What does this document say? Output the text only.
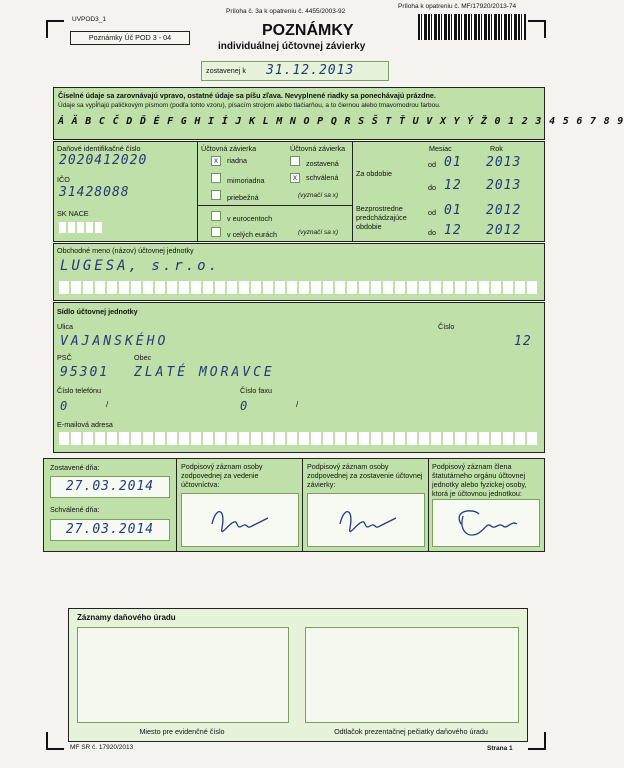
UVPOD3_1
Príloha č. 3a k opatreniu č. 4455/2003-92
Príloha k opatreniu č. MF/17920/2013-74
Poznámky Úč POD 3 - 04	POZNÁMKY
individuálnej účtovnej závierky
zostavenej k 31.12.2013
Číselné údaje sa zarovnávajú vpravo, ostatné údaje sa píšu zľava. Nevyplnené riadky sa ponechávajú prázdne.
Údaje sa vypĺňajú paličkovým písmom (podľa tohto vzoru), písacím strojom alebo tlačiarňou, a to čiernou alebo tmavomodrou farbou.
Á Ä B C Č D Ď É F G H I Í J K L M N O P Q R S Š T Ť U V X Y Ý Ž 0 1 2 3 4 5 6 7 8 9
Daňové identifikačné číslo
2020412020
IČO
31428088
SK NACE
Účtovná závierka	Účtovná závierka
x riadna
mimoriadna
priebežná
zostavená
x schválená
(vyznačí sa x)
v eurocentoch
v celých eurách	(vyznačí sa x)
Mesiac	Rok
Za obdobie
od 01 2013
do 12 2013
Bezprostredne predchádzajúce obdobie
od 01 2012
do 12 2012
Obchodné meno (názov) účtovnej jednotky
LUGESA, s.r.o.
Sídlo účtovnej jednotky
Ulica	Číslo
VAJANSKÉHO	12
PSČ	Obec
95301 ZLATÉ MORAVCE
Číslo telefónu	Číslo faxu
0	/	0	/
E-mailová adresa
Zostavené dňa:
27.03.2014
Schválené dňa:
27.03.2014
Podpisový záznam osoby zodpovednej za vedenie účtovníctva:
Podpisový záznam osoby zodpovednej za zostavenie účtovnej závierky:
Podpisový záznam člena štatutárneho orgánu účtovnej jednotky alebo fyzickej osoby, ktorá je účtovnou jednotkou:
Záznamy daňového úradu
Miesto pre evidenčné číslo	Odtlačok prezentačnej pečiatky daňového úradu
MF SR č. 17920/2013	Strana 1
